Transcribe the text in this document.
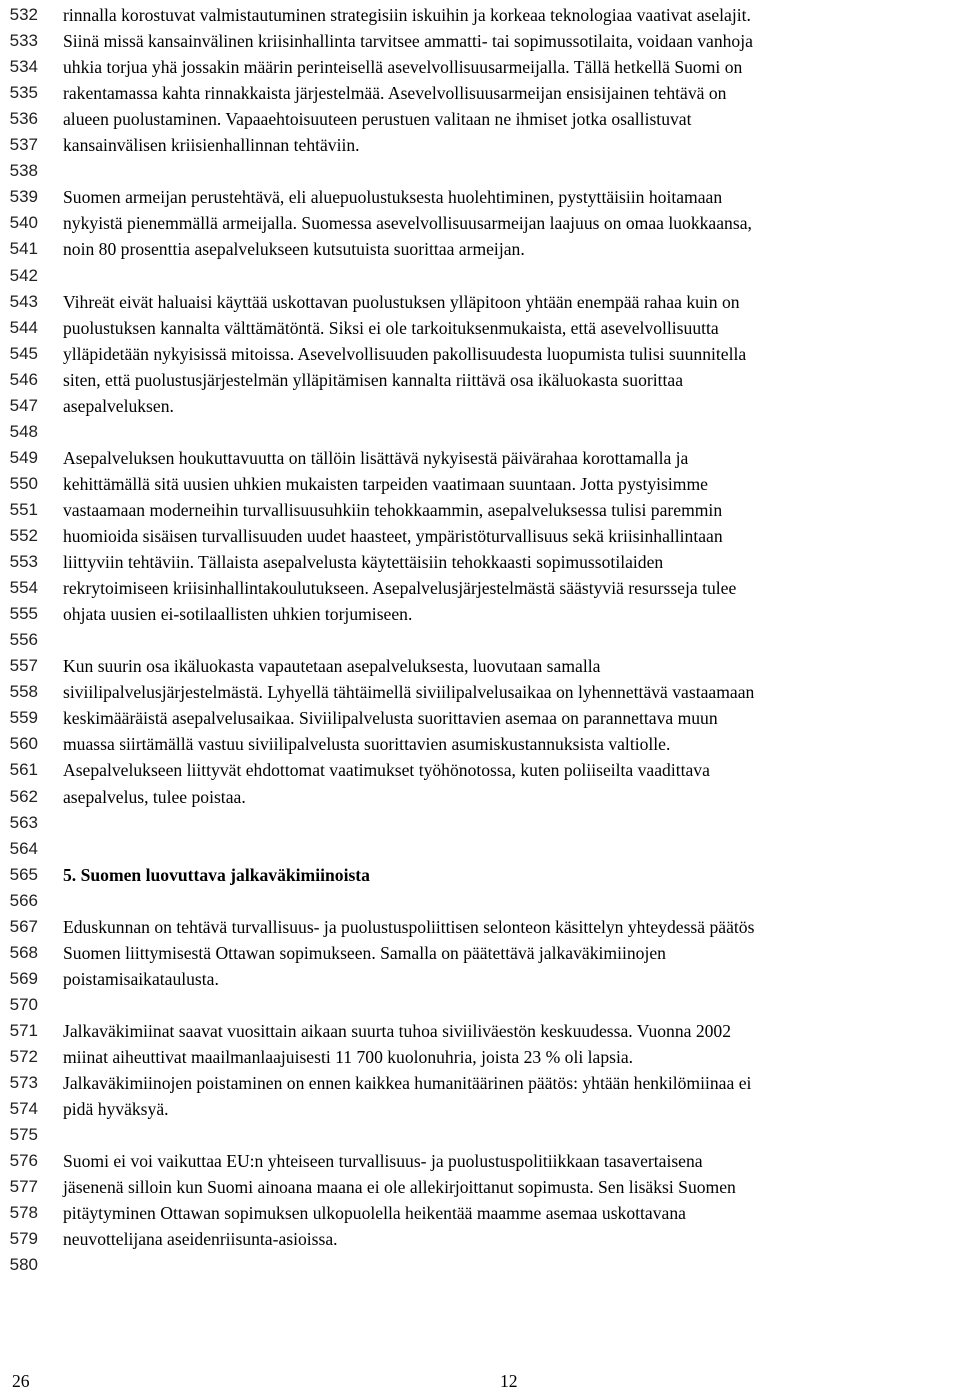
532
533
534
535
536
537
538
539
540
541
542
543
544
545
546
547
548
549
550
551
552
553
554
555
556
557
558
559
560
561
562
563
564
565
566
567
568
569
570
571
572
573
574
575
576
577
578
579
580
rinnalla korostuvat valmistautuminen strategisiin iskuihin ja korkeaa teknologiaa vaativat aselajit.
Siinä missä kansainvälinen kriisinhallinta tarvitsee ammatti- tai sopimussotilaita, voidaan vanhoja
uhkia torjua yhä jossakin määrin perinteisellä asevelvollisuusarmeijalla. Tällä hetkellä Suomi on
rakentamassa kahta rinnakkaista järjestelmää. Asevelvollisuusarmeijan ensisijainen tehtävä on
alueen puolustaminen. Vapaaehtoisuuteen perustuen valitaan ne ihmiset jotka osallistuvat
kansainvälisen kriisienhallinnan tehtäviin.
Suomen armeijan perustehtävä, eli aluepuolustuksesta huolehtiminen, pystyttäisiin hoitamaan
nykyistä pienemmällä armeijalla. Suomessa asevelvollisuusarmeijan laajuus on omaa luokkaansa,
noin 80 prosenttia asepalvelukseen kutsutuista suorittaa armeijan.
Vihreät eivät haluaisi käyttää uskottavan puolustuksen ylläpitoon yhtään enempää rahaa kuin on
puolustuksen kannalta välttämätöntä. Siksi ei ole tarkoituksenmukaista, että asevelvollisuutta
ylläpidetään nykyisissä mitoissa. Asevelvollisuuden pakollisuudesta luopumista tulisi suunnitella
siten, että puolustusjärjestelmän ylläpitämisen kannalta riittävä osa ikäluokasta suorittaa
asepalveluksen.
Asepalveluksen houkuttavuutta on tällöin lisättävä nykyisestä päivärahaa korottamalla ja
kehittämällä sitä uusien uhkien mukaisten tarpeiden vaatimaan suuntaan. Jotta pystyisimme
vastaamaan moderneihin turvallisuusuhkiin tehokkaammin, asepalveluksessa tulisi paremmin
huomioida sisäisen turvallisuuden uudet haasteet, ympäristöturvallisuus sekä kriisinhallintaan
liittyviin tehtäviin. Tällaista asepalvelusta käytettäisiin tehokkaasti sopimussotilaiden
rekrytoimiseen kriisinhallintakoulutukseen. Asepalvelusjärjestelmästä säästyviä resursseja tulee
ohjata uusien ei-sotilaallisten uhkien torjumiseen.
Kun suurin osa ikäluokasta vapautetaan asepalveluksesta, luovutaan samalla
siviilipalvelusjärjestelmästä. Lyhyellä tähtäimellä siviilipalvelusaikaa on lyhennettävä vastaamaan
keskimääräistä asepalvelusaikaa. Siviilipalvelusta suorittavien asemaa on parannettava muun
muassa siirtämällä vastuu siviilipalvelusta suorittavien asumiskustannuksista valtiolle.
Asepalvelukseen liittyvät ehdottomat vaatimukset työhönotossa, kuten poliiseilta vaadittava
asepalvelus, tulee poistaa.
5. Suomen luovuttava jalkaväkimiinoista
Eduskunnan on tehtävä turvallisuus- ja puolustuspoliittisen selonteon käsittelyn yhteydessä päätös
Suomen liittymisestä Ottawan sopimukseen. Samalla on päätettävä jalkaväkimiinojen
poistamisaikataulusta.
Jalkaväkimiinat saavat vuosittain aikaan suurta tuhoa siviiliväestön keskuudessa. Vuonna 2002
miinat aiheuttivat maailmanlaajuisesti 11 700 kuolonuhria, joista 23 % oli lapsia.
Jalkaväkimiinojen poistaminen on ennen kaikkea humanitäärinen päätös: yhtään henkilömiinaa ei
pidä hyväksyä.
Suomi ei voi vaikuttaa EU:n yhteiseen turvallisuus- ja puolustuspolitiikkaan tasavertaisena
jäsenenä silloin kun Suomi ainoana maana ei ole allekirjoittanut sopimusta. Sen lisäksi Suomen
pitäytyminen Ottawan sopimuksen ulkopuolella heikentää maamme asemaa uskottavana
neuvottelijana aseidenriisunta-asioissa.
26	12
